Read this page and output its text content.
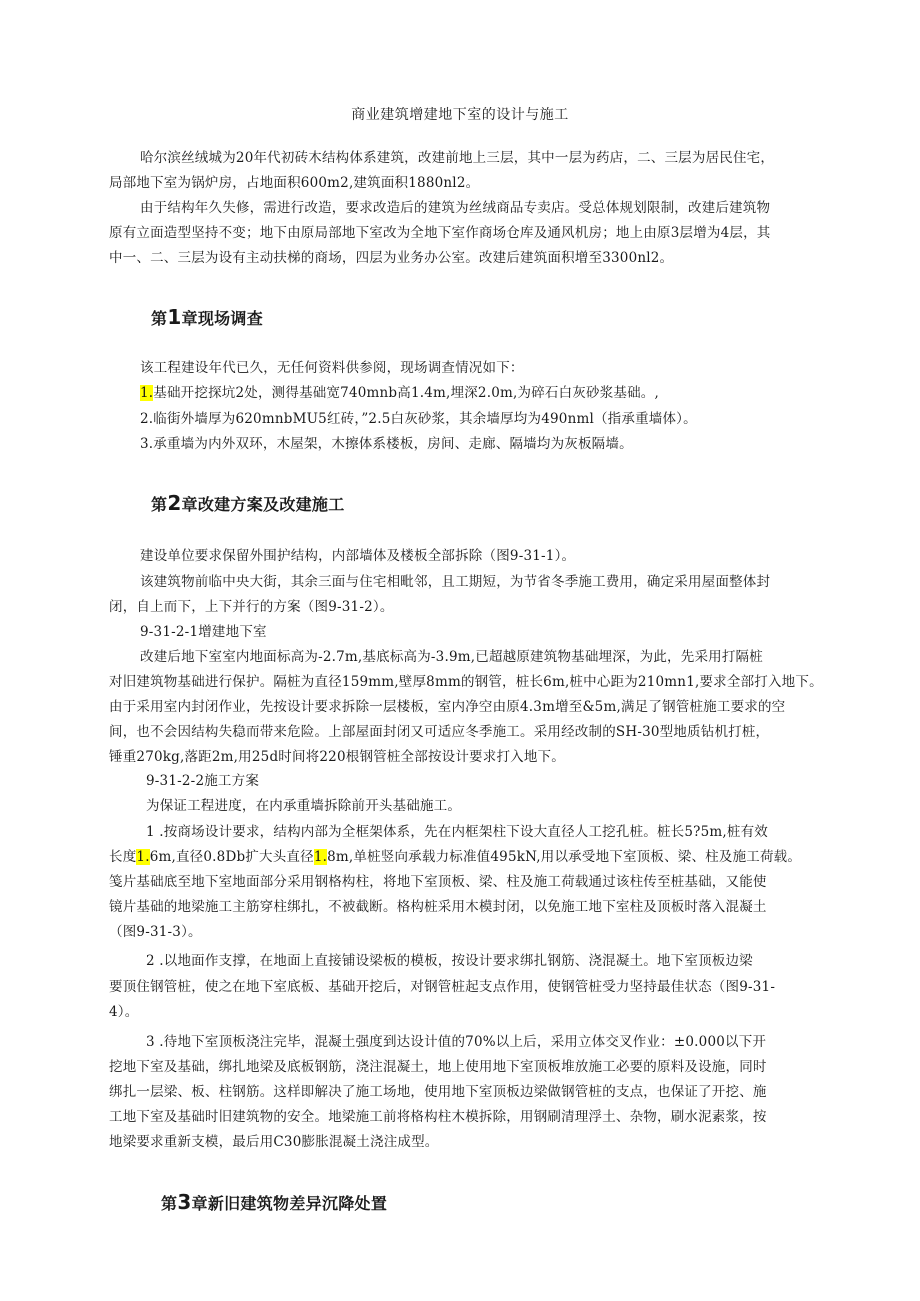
商业建筑增建地下室的设计与施工
哈尔滨丝绒城为20年代初砖木结构体系建筑，改建前地上三层，其中一层为药店，二、三层为居民住宅，
局部地下室为锅炉房，占地面积600m2,建筑面积1880nl2。
由于结构年久失修，需进行改造，要求改造后的建筑为丝绒商品专卖店。受总体规划限制，改建后建筑物
原有立面造型坚持不变；地下由原局部地下室改为全地下室作商场仓库及通风机房；地上由原3层增为4层，其
中一、二、三层为设有主动扶梯的商场，四层为业务办公室。改建后建筑面积增至3300nl2。
第1章现场调查
该工程建设年代已久，无任何资料供参阅，现场调查情况如下：
1.基础开挖探坑2处，测得基础宽740mnb高1.4m,埋深2.0m,为碎石白灰砂浆基础。,
2.临街外墙厚为620mnbMU5红砖，”2.5白灰砂浆，其余墙厚均为490nml（指承重墙体）。
3.承重墙为内外双环，木屋架，木擦体系楼板，房间、走廊、隔墙均为灰板隔墙。
第2章改建方案及改建施工
建设单位要求保留外围护结构，内部墙体及楼板全部拆除（图9-31-1）。
该建筑物前临中央大街，其余三面与住宅相毗邻，且工期短，为节省冬季施工费用，确定采用屋面整体封
闭，自上而下，上下并行的方案（图9-31-2）。
9-31-2-1增建地下室
改建后地下室室内地面标高为-2.7m,基底标高为-3.9m,已超越原建筑物基础埋深，为此，先采用打隔桩
对旧建筑物基础进行保护。隔桩为直径159mm,壁厚8mm的钢管，桩长6m,桩中心距为210mn1,要求全部打入地下。
由于采用室内封闭作业，先按设计要求拆除一层楼板，室内净空由原4.3m增至&5m,满足了钢管桩施工要求的空
间，也不会因结构失稳而带来危险。上部屋面封闭又可适应冬季施工。采用经改制的SH-30型地质钻机打桩，
锤重270kg,落距2m,用25d时间将220根钢管桩全部按设计要求打入地下。
9-31-2-2施工方案
为保证工程进度，在内承重墙拆除前开头基础施工。
1 .按商场设计要求，结构内部为全框架体系，先在内框架柱下设大直径人工挖孔桩。桩长5?5m,桩有效
长度1.6m,直径0.8Db扩大头直径1.8m,单桩竖向承载力标准值495kN,用以承受地下室顶板、梁、柱及施工荷载。
笺片基础底至地下室地面部分采用钢格构柱，将地下室顶板、梁、柱及施工荷载通过该柱传至桩基础，又能使
镜片基础的地梁施工主筋穿柱绑扎，不被截断。格构桩采用木模封闭，以免施工地下室柱及顶板时落入混凝土
（图9-31-3）。
2 .以地面作支撑，在地面上直接铺设梁板的模板，按设计要求绑扎钢筋、浇混凝土。地下室顶板边梁
要顶住钢管桩，使之在地下室底板、基础开挖后，对钢管桩起支点作用，使钢管桩受力坚持最佳状态（图9-31-
4）。
3 .待地下室顶板浇注完毕，混凝土强度到达设计值的70%以上后，采用立体交叉作业：±0.000以下开
挖地下室及基础，绑扎地梁及底板钢筋，浇注混凝土，地上使用地下室顶板堆放施工必要的原料及设施，同时
绑扎一层梁、板、柱钢筋。这样即解决了施工场地，使用地下室顶板边梁做钢管桩的支点，也保证了开挖、施
工地下室及基础时旧建筑物的安全。地梁施工前将格构柱木模拆除，用钢刷清理浮土、杂物，刷水泥素浆，按
地梁要求重新支模，最后用C30膨胀混凝土浇注成型。
第3章新旧建筑物差异沉降处置
